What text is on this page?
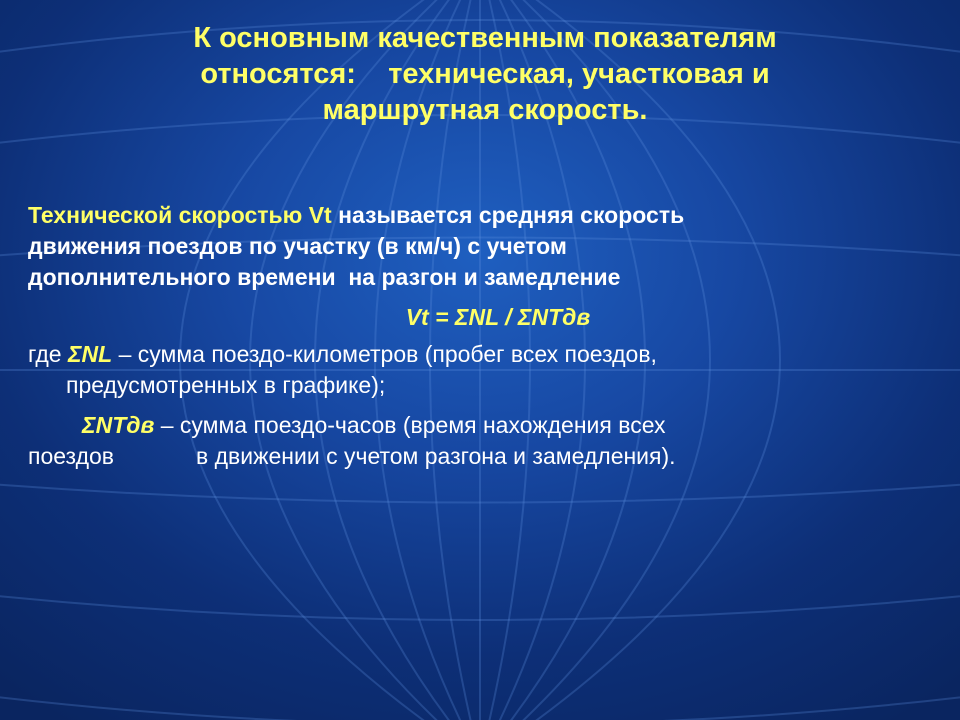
К основным качественным показателям
относятся:    техническая, участковая и
маршрутная скорость.

Технической скоростью Vt называется средняя скорость
движения поездов по участку (в км/ч) с учетом
дополнительного времени  на разгон и замедление

Vt = ΣNL / ΣNTдв
где ΣNL – сумма поездо-километров (пробег всех поездов,
предусмотренных в графике);
ΣNTдв – сумма поездо-часов (время нахождения всех
поездов	в движении с учетом разгона и замедления).
